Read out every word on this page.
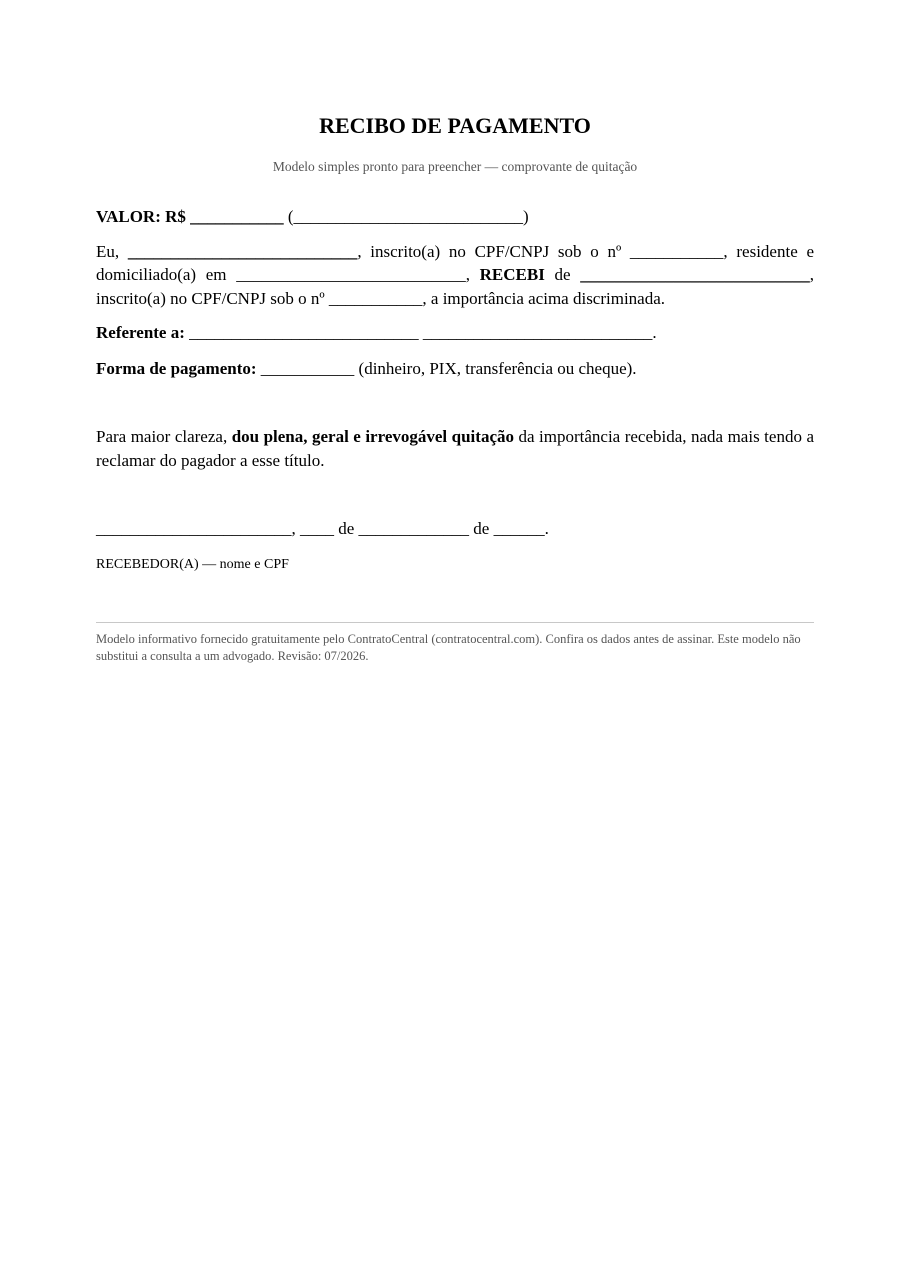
RECIBO DE PAGAMENTO
Modelo simples pronto para preencher — comprovante de quitação

VALOR: R$ ___________ (___________________________)

Eu, ___________________________, inscrito(a) no CPF/CNPJ sob o nº ___________, residente e domiciliado(a) em ___________________________, RECEBI de ___________________________, inscrito(a) no CPF/CNPJ sob o nº ___________, a importância acima discriminada.

Referente a: ___________________________ ___________________________.

Forma de pagamento: ___________ (dinheiro, PIX, transferência ou cheque).

Para maior clareza, dou plena, geral e irrevogável quitação da importância recebida, nada mais tendo a reclamar do pagador a esse título.

_______________________, ____ de _____________ de ______.

RECEBEDOR(A) — nome e CPF
Modelo informativo fornecido gratuitamente pelo ContratoCentral (contratocentral.com). Confira os dados antes de assinar. Este modelo não substitui a consulta a um advogado. Revisão: 07/2026.
